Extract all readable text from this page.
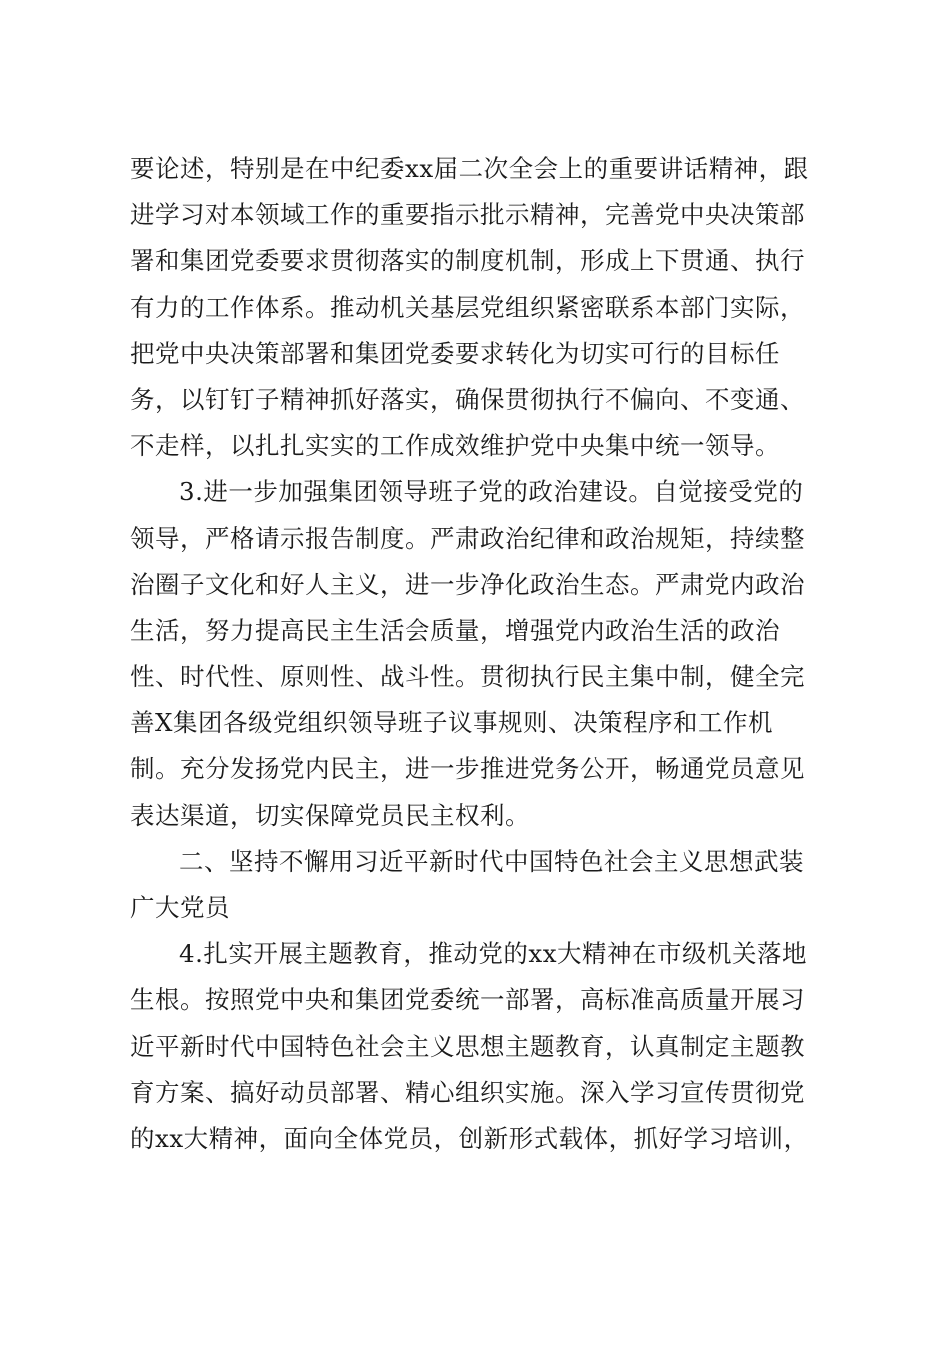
要论述，特别是在中纪委xx届二次全会上的重要讲话精神，跟
进学习对本领域工作的重要指示批示精神，完善党中央决策部
署和集团党委要求贯彻落实的制度机制，形成上下贯通、执行
有力的工作体系。推动机关基层党组织紧密联系本部门实际，
把党中央决策部署和集团党委要求转化为切实可行的目标任
务，以钉钉子精神抓好落实，确保贯彻执行不偏向、不变通、
不走样，以扎扎实实的工作成效维护党中央集中统一领导。
3.进一步加强集团领导班子党的政治建设。自觉接受党的
领导，严格请示报告制度。严肃政治纪律和政治规矩，持续整
治圈子文化和好人主义，进一步净化政治生态。严肃党内政治
生活，努力提高民主生活会质量，增强党内政治生活的政治
性、时代性、原则性、战斗性。贯彻执行民主集中制，健全完
善X集团各级党组织领导班子议事规则、决策程序和工作机
制。充分发扬党内民主，进一步推进党务公开，畅通党员意见
表达渠道，切实保障党员民主权利。
二、坚持不懈用习近平新时代中国特色社会主义思想武装
广大党员
4.扎实开展主题教育，推动党的xx大精神在市级机关落地
生根。按照党中央和集团党委统一部署，高标准高质量开展习
近平新时代中国特色社会主义思想主题教育，认真制定主题教
育方案、搞好动员部署、精心组织实施。深入学习宣传贯彻党
的xx大精神，面向全体党员，创新形式载体，抓好学习培训，
